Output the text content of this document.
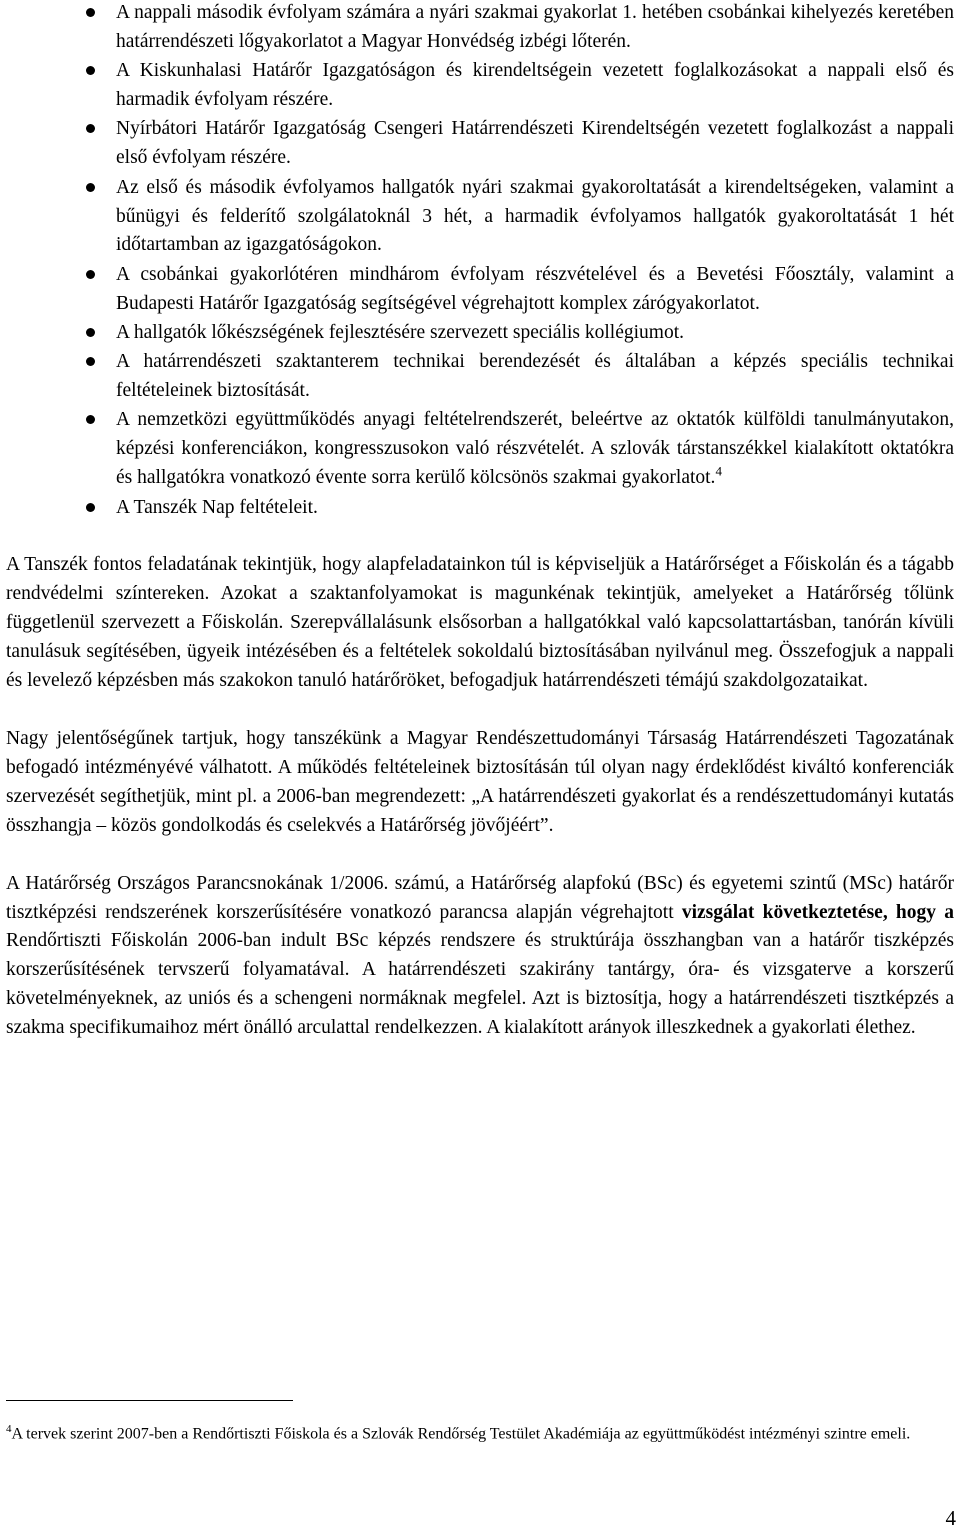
A nappali második évfolyam számára a nyári szakmai gyakorlat 1. hetében csobánkai kihelyezés keretében határrendészeti lőgyakorlatot a Magyar Honvédség izbégi lőterén.
A Kiskunhalasi Határőr Igazgatóságon és kirendeltségein vezetett foglalkozásokat a nappali első és harmadik évfolyam részére.
Nyírbátori Határőr Igazgatóság Csengeri Határrendészeti Kirendeltségén vezetett foglalkozást a nappali első évfolyam részére.
Az első és második évfolyamos hallgatók nyári szakmai gyakoroltatását a kirendeltségeken, valamint a bűnügyi és felderítő szolgálatoknál 3 hét, a harmadik évfolyamos hallgatók gyakoroltatását 1 hét időtartamban az igazgatóságokon.
A csobánkai gyakorlótéren mindhárom évfolyam részvételével és a Bevetési Főosztály, valamint a Budapesti Határőr Igazgatóság segítségével végrehajtott komplex zárógyakorlatot.
A hallgatók lőkészségének fejlesztésére szervezett speciális kollégiumot.
A határrendészeti szaktanterem technikai berendezését és általában a képzés speciális technikai feltételeinek biztosítását.
A nemzetközi együttműködés anyagi feltételrendszerét, beleértve az oktatók külföldi tanulmányutakon, képzési konferenciákon, kongresszusokon való részvételét. A szlovák társtanszékkel kialakított oktatókra és hallgatókra vonatkozó évente sorra kerülő kölcsönös szakmai gyakorlatot.$^4$
A Tanszék Nap feltételeit.

A Tanszék fontos feladatának tekintjük, hogy alapfeladatainkon túl is képviseljük a Határőrséget a Főiskolán és a tágabb rendvédelmi színtereken. Azokat a szaktanfolyamokat is magunkénak tekintjük, amelyeket a Határőrség tőlünk függetlenül szervezett a Főiskolán. Szerepvállalásunk elsősorban a hallgatókkal való kapcsolattartásban, tanórán kívüli tanulásuk segítésében, ügyeik intézésében és a feltételek sokoldalú biztosításában nyilvánul meg. Összefogjuk a nappali és levelező képzésben más szakokon tanuló határőröket, befogadjuk határrendészeti témájú szakdolgozataikat.

Nagy jelentőségűnek tartjuk, hogy tanszékünk a Magyar Rendészettudományi Társaság Határrendészeti Tagozatának befogadó intézményévé válhatott. A működés feltételeinek biztosításán túl olyan nagy érdeklődést kiváltó konferenciák szervezését segíthetjük, mint pl. a 2006-ban megrendezett: „A határrendészeti gyakorlat és a rendészettudományi kutatás összhangja – közös gondolkodás és cselekvés a Határőrség jövőjéért”.

A Határőrség Országos Parancsnokának 1/2006. számú, a Határőrség alapfokú (BSc) és egyetemi szintű (MSc) határőr tisztképzési rendszerének korszerűsítésére vonatkozó parancsa alapján végrehajtott vizsgálat következtetése, hogy a Rendőrtiszti Főiskolán 2006-ban indult BSc képzés rendszere és struktúrája összhangban van a határőr tiszképzés korszerűsítésének tervszerű folyamatával. A határrendészeti szakirány tantárgy, óra- és vizsgaterve a korszerű követelményeknek, az uniós és a schengeni normáknak megfelel. Azt is biztosítja, hogy a határrendészeti tisztképzés a szakma specifikumaihoz mért önálló arculattal rendelkezzen. A kialakított arányok illeszkednek a gyakorlati élethez.

$^4$A tervek szerint 2007-ben a Rendőrtiszti Főiskola és a Szlovák Rendőrség Testület Akadémiája az együttműködést intézményi szintre emeli.
4
